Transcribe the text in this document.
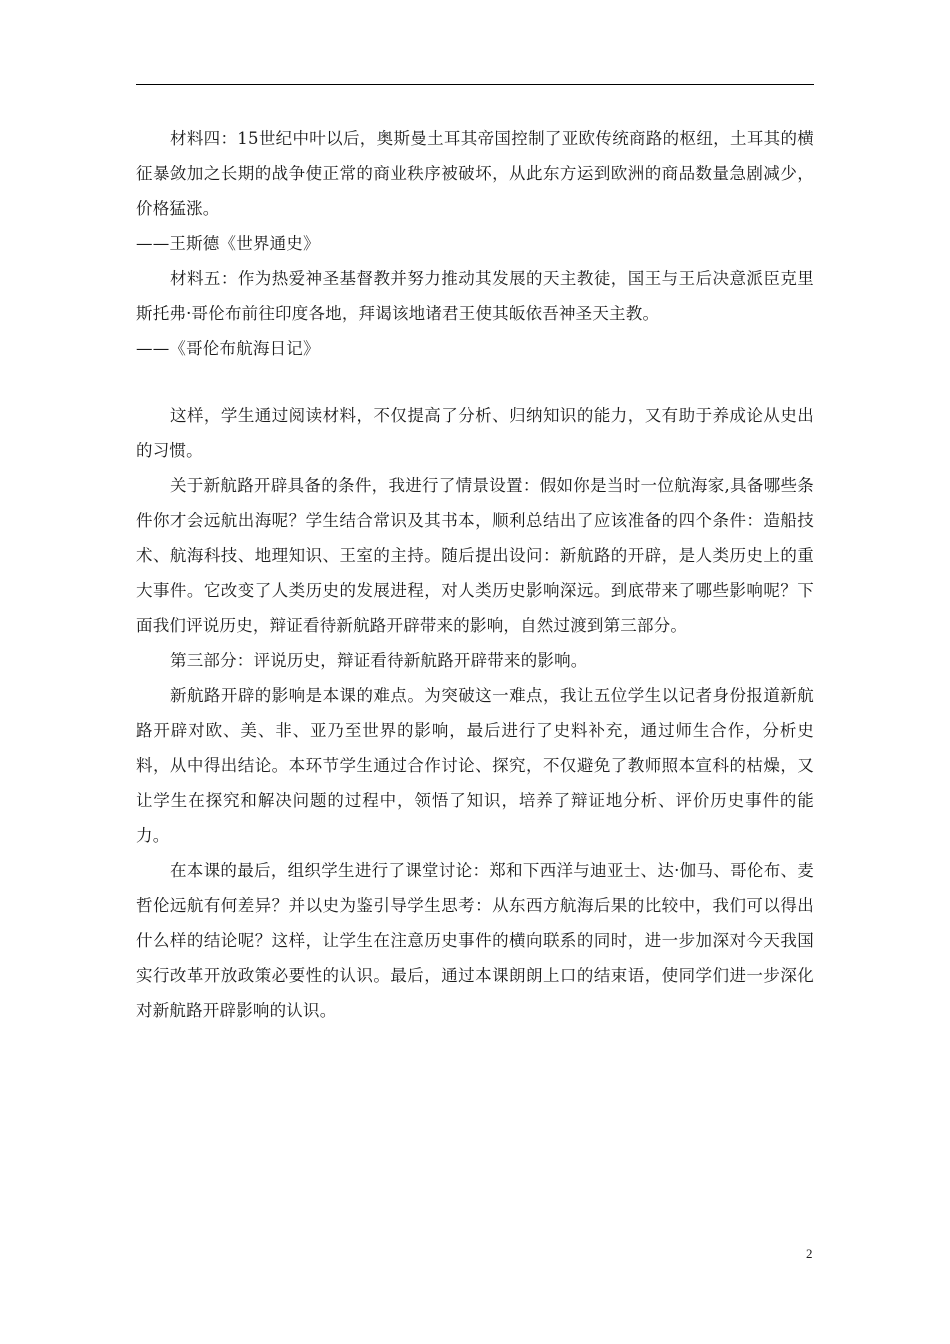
材料四：15世纪中叶以后，奥斯曼土耳其帝国控制了亚欧传统商路的枢纽，土耳其的横征暴敛加之长期的战争使正常的商业秩序被破坏，从此东方运到欧洲的商品数量急剧减少，价格猛涨。

——王斯德《世界通史》

材料五：作为热爱神圣基督教并努力推动其发展的天主教徒，国王与王后决意派臣克里斯托弗·哥伦布前往印度各地，拜谒该地诸君王使其皈依吾神圣天主教。

——《哥伦布航海日记》

这样，学生通过阅读材料，不仅提高了分析、归纳知识的能力，又有助于养成论从史出的习惯。

关于新航路开辟具备的条件，我进行了情景设置：假如你是当时一位航海家,具备哪些条件你才会远航出海呢？学生结合常识及其书本，顺利总结出了应该准备的四个条件：造船技术、航海科技、地理知识、王室的主持。随后提出设问：新航路的开辟，是人类历史上的重大事件。它改变了人类历史的发展进程，对人类历史影响深远。到底带来了哪些影响呢？下面我们评说历史，辩证看待新航路开辟带来的影响，自然过渡到第三部分。

第三部分：评说历史，辩证看待新航路开辟带来的影响。

新航路开辟的影响是本课的难点。为突破这一难点，我让五位学生以记者身份报道新航路开辟对欧、美、非、亚乃至世界的影响，最后进行了史料补充，通过师生合作，分析史料，从中得出结论。本环节学生通过合作讨论、探究，不仅避免了教师照本宣科的枯燥，又让学生在探究和解决问题的过程中，领悟了知识，培养了辩证地分析、评价历史事件的能力。

在本课的最后，组织学生进行了课堂讨论：郑和下西洋与迪亚士、达·伽马、哥伦布、麦哲伦远航有何差异？并以史为鉴引导学生思考：从东西方航海后果的比较中，我们可以得出什么样的结论呢？这样，让学生在注意历史事件的横向联系的同时，进一步加深对今天我国实行改革开放政策必要性的认识。最后，通过本课朗朗上口的结束语，使同学们进一步深化对新航路开辟影响的认识。

2
